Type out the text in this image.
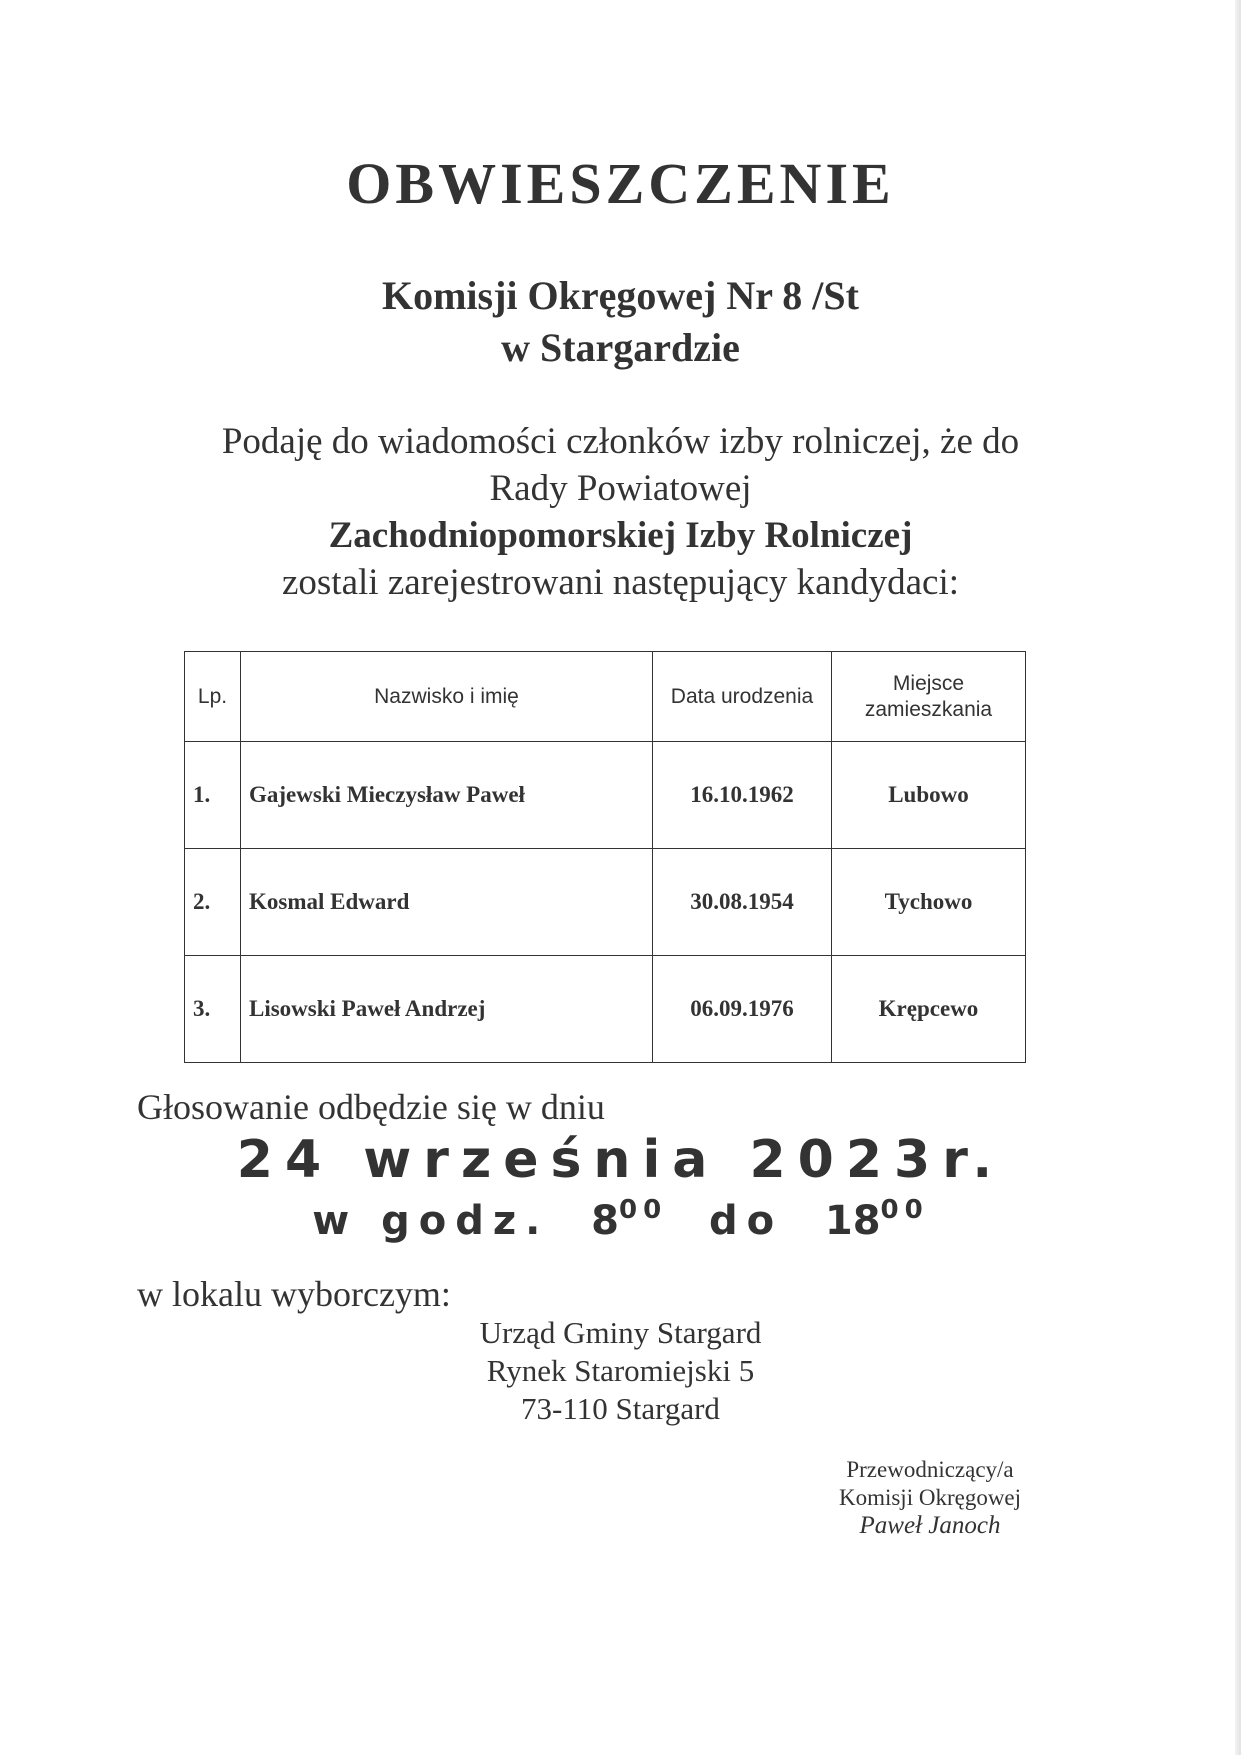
OBWIESZCZENIE
Komisji Okręgowej Nr 8 /St
w Stargardzie
Podaję do wiadomości członków izby rolniczej, że do
Rady Powiatowej
Zachodniopomorskiej Izby Rolniczej
zostali zarejestrowani następujący kandydaci:
Lp.	Nazwisko i imię	Data urodzenia	Miejsce
zamieszkania

1.	Gajewski Mieczysław Paweł	16.10.1962	Lubowo
2.	Kosmal Edward	30.08.1954	Tychowo
3.	Lisowski Paweł Andrzej	06.09.1976	Krępcewo
Głosowanie odbędzie się w dniu
24 września 2023r.
w godz. $8^{00}$ do $18^{00}$
w lokalu wyborczym:
Urząd Gminy Stargard
Rynek Staromiejski 5
73-110 Stargard
Przewodniczący/a
Komisji Okręgowej
Paweł Janoch
